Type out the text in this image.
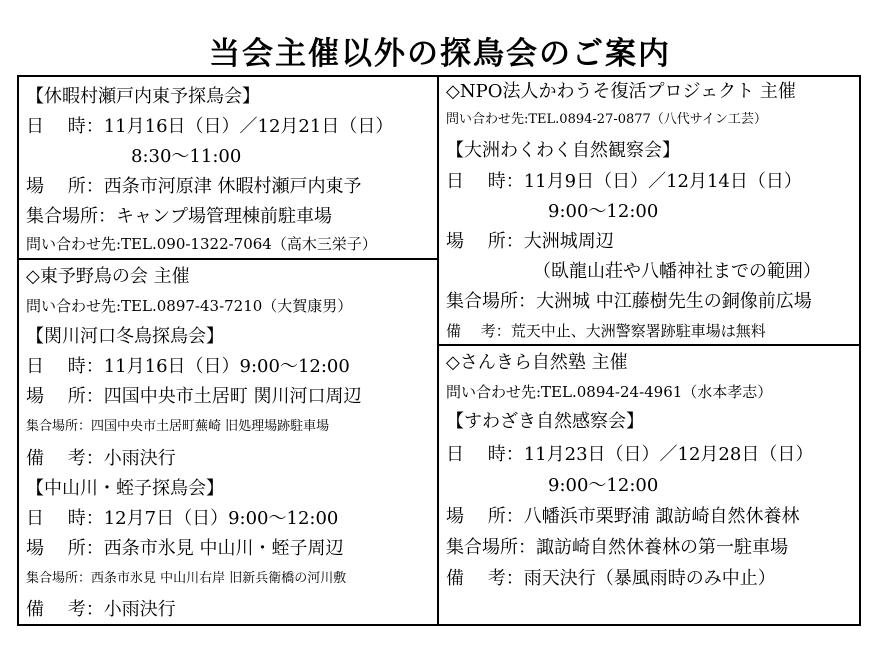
当会主催以外の探鳥会のご案内
【休暇村瀬戸内東予探鳥会】
日　 時：11月16日（日）／12月21日（日）
8:30〜11:00
場　 所：西条市河原津 休暇村瀬戸内東予
集合場所：キャンプ場管理棟前駐車場
問い合わせ先:TEL.090-1322-7064（高木三栄子）
◇東予野鳥の会 主催
問い合わせ先:TEL.0897-43-7210（大賀康男）
【関川河口冬鳥探鳥会】
日　 時：11月16日（日）9:00〜12:00
場　 所：四国中央市土居町 関川河口周辺
集合場所：四国中央市土居町蕪崎 旧処理場跡駐車場
備　 考：小雨決行
【中山川・蛭子探鳥会】
日　 時：12月7日（日）9:00〜12:00
場　 所：西条市氷見 中山川・蛭子周辺
集合場所：西条市氷見 中山川右岸 旧新兵衛橋の河川敷
備　 考：小雨決行
◇NPO法人かわうそ復活プロジェクト 主催
問い合わせ先:TEL.0894-27-0877（八代サイン工芸）
【大洲わくわく自然観察会】
日　 時：11月9日（日）／12月14日（日）
9:00〜12:00
場　 所：大洲城周辺
（臥龍山荘や八幡神社までの範囲）
集合場所：大洲城 中江藤樹先生の銅像前広場
備　 考：荒天中止、大洲警察署跡駐車場は無料
◇さんきら自然塾 主催
問い合わせ先:TEL.0894-24-4961（水本孝志）
【すわざき自然感察会】
日　 時：11月23日（日）／12月28日（日）
9:00〜12:00
場　 所：八幡浜市栗野浦 諏訪崎自然休養林
集合場所：諏訪崎自然休養林の第一駐車場
備　 考：雨天決行（暴風雨時のみ中止）
